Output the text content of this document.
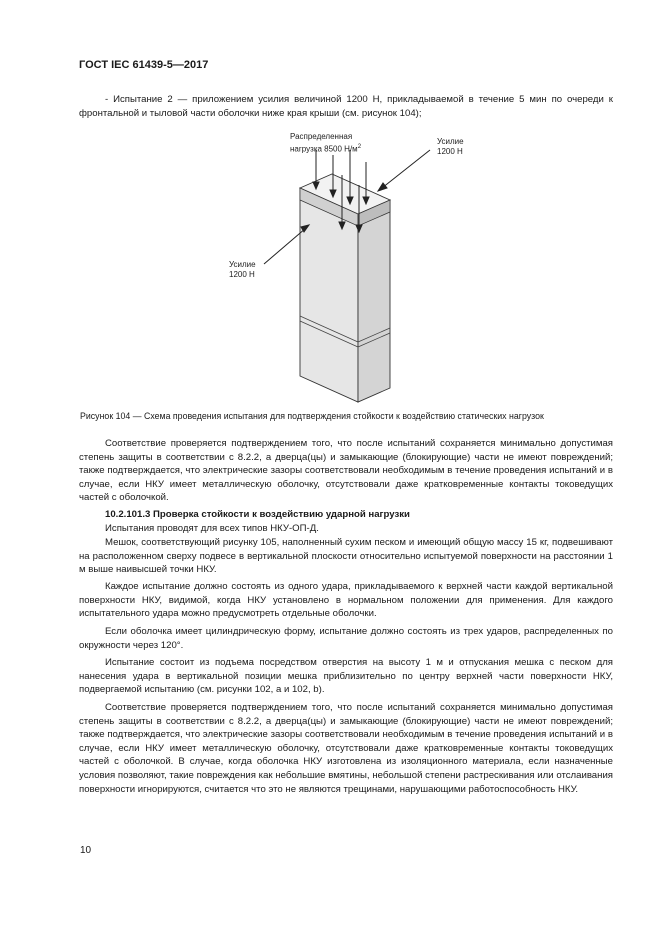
ГОСТ IEC 61439-5—2017

- Испытание 2 — приложением усилия величиной 1200 Н, прикладываемой в течение 5 мин по очереди к фронтальной и тыловой части оболочки ниже края крыши (см. рисунок 104);

Распределенная
нагрузка 8500 $Н/м^2$
Усилие
1200 Н
Усилие
1200 Н
Рисунок 104 — Схема проведения испытания для подтверждения стойкости к воздействию статических нагрузок

Соответствие проверяется подтверждением того, что после испытаний сохраняется минимально допустимая степень защиты в соответствии с 8.2.2, а дверца(цы) и замыкающие (блокирующие) части не имеют повреждений; также подтверждается, что электрические зазоры соответствовали необходимым в течение проведения испытаний и в случае, если НКУ имеет металлическую оболочку, отсутствовали даже кратковременные контакты токоведущих частей с оболочкой.

10.2.101.3 Проверка стойкости к воздействию ударной нагрузки

Испытания проводят для всех типов НКУ-ОП-Д.

Мешок, соответствующий рисунку 105, наполненный сухим песком и имеющий общую массу 15 кг, подвешивают на расположенном сверху подвесе в вертикальной плоскости относительно испытуемой поверхности на расстоянии 1 м выше наивысшей точки НКУ.

Каждое испытание должно состоять из одного удара, прикладываемого к верхней части каждой вертикальной поверхности НКУ, видимой, когда НКУ установлено в нормальном положении для применения. Для каждого испытательного удара можно предусмотреть отдельные оболочки.

Если оболочка имеет цилиндрическую форму, испытание должно состоять из трех ударов, распределенных по окружности через 120°.

Испытание состоит из подъема посредством отверстия на высоту 1 м и отпускания мешка с песком для нанесения удара в вертикальной позиции мешка приблизительно по центру верхней части поверхности НКУ, подвергаемой испытанию (см. рисунки 102, а и 102, b).

Соответствие проверяется подтверждением того, что после испытаний сохраняется минимально допустимая степень защиты в соответствии с 8.2.2, а дверца(цы) и замыкающие (блокирующие) части не имеют повреждений; также подтверждается, что электрические зазоры соответствовали необходимым в течение проведения испытаний и в случае, если НКУ имеет металлическую оболочку, отсутствовали даже кратковременные контакты токоведущих частей с оболочкой. В случае, когда оболочка НКУ изготовлена из изоляционного материала, если назначенные условия позволяют, такие повреждения как небольшие вмятины, небольшой степени растрескивания или отслаивания поверхности игнорируются, считается что это не являются трещинами, нарушающими работоспособность НКУ.

10
